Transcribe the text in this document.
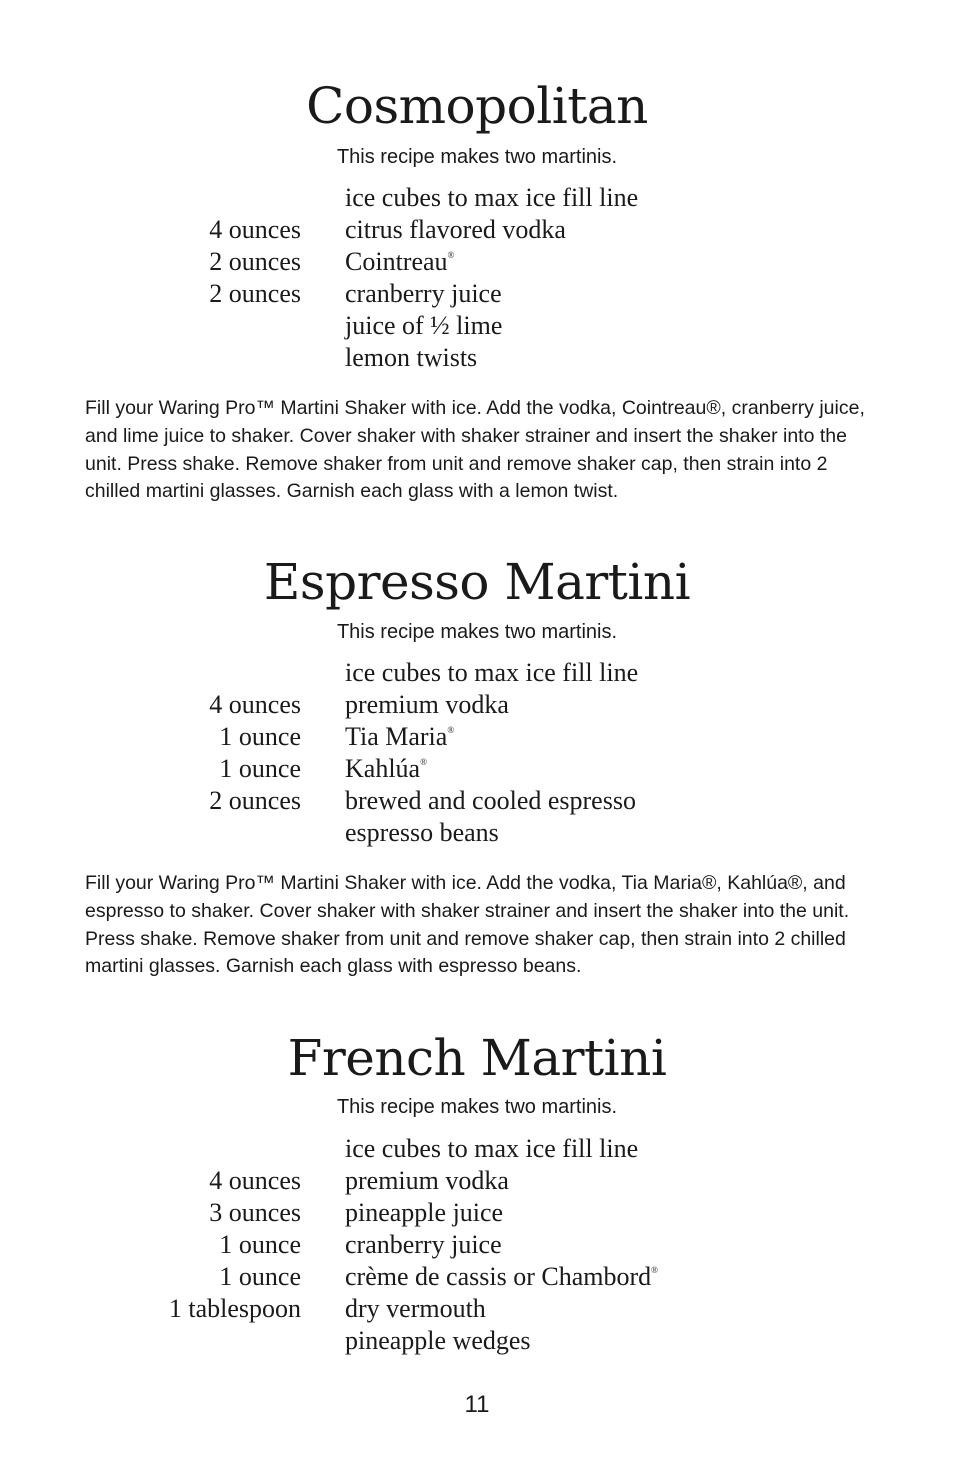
Cosmopolitan
This recipe makes two martinis.
ice cubes to max ice fill line
4 ounces citrus flavored vodka
2 ounces Cointreau®
2 ounces cranberry juice
juice of ½ lime
lemon twists

Fill your Waring Pro™ Martini Shaker with ice. Add the vodka, Cointreau®, cranberry juice, and lime juice to shaker. Cover shaker with shaker strainer and insert the shaker into the unit. Press shake. Remove shaker from unit and remove shaker cap, then strain into 2 chilled martini glasses. Garnish each glass with a lemon twist.

Espresso Martini
This recipe makes two martinis.
ice cubes to max ice fill line
4 ounces premium vodka
1 ounce Tia Maria®
1 ounce Kahlúa®
2 ounces brewed and cooled espresso
espresso beans

Fill your Waring Pro™ Martini Shaker with ice. Add the vodka, Tia Maria®, Kahlúa®, and espresso to shaker. Cover shaker with shaker strainer and insert the shaker into the unit. Press shake. Remove shaker from unit and remove shaker cap, then strain into 2 chilled martini glasses. Garnish each glass with espresso beans.

French Martini
This recipe makes two martinis.
ice cubes to max ice fill line
4 ounces premium vodka
3 ounces pineapple juice
1 ounce cranberry juice
1 ounce crème de cassis or Chambord®
1 tablespoon dry vermouth
pineapple wedges
11
